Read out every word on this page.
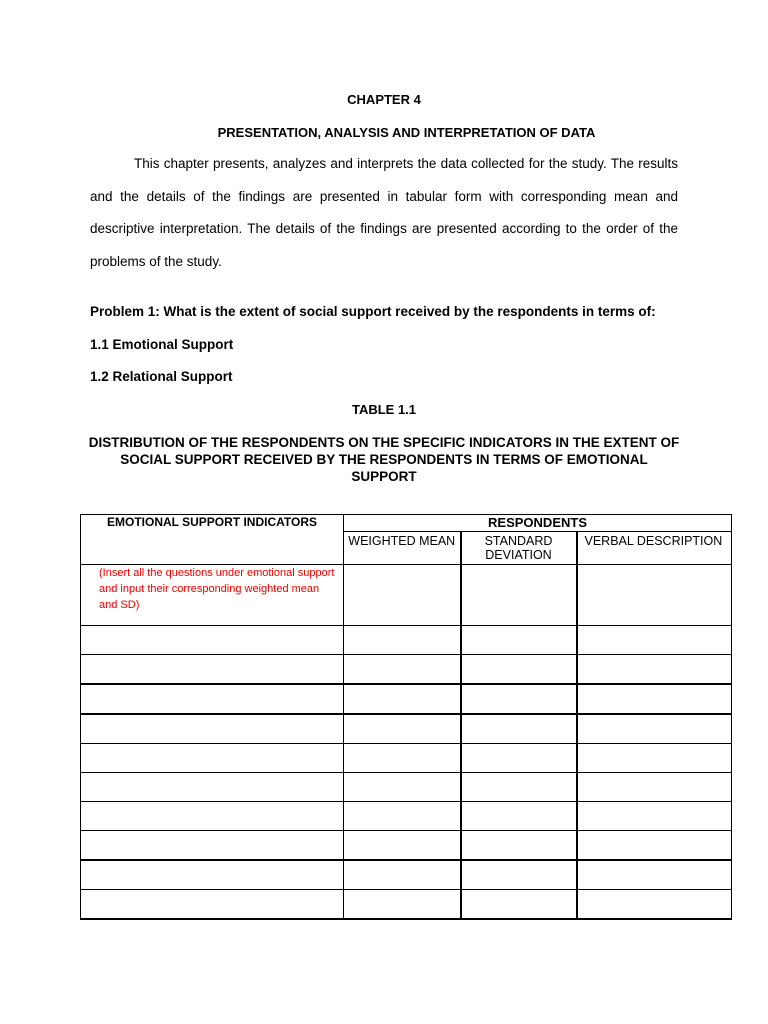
CHAPTER 4
PRESENTATION, ANALYSIS AND INTERPRETATION OF DATA

This chapter presents, analyzes and interprets the data collected for the study. The results and the details of the findings are presented in tabular form with corresponding mean and descriptive interpretation. The details of the findings are presented according to the order of the problems of the study.

Problem 1: What is the extent of social support received by the respondents in terms of:
1.1 Emotional Support
1.2 Relational Support
TABLE 1.1

DISTRIBUTION OF THE RESPONDENTS ON THE SPECIFIC INDICATORS IN THE EXTENT OF SOCIAL SUPPORT RECEIVED BY THE RESPONDENTS IN TERMS OF EMOTIONAL SUPPORT

EMOTIONAL SUPPORT INDICATORS	RESPONDENTS		
	WEIGHTED MEAN	STANDARD DEVIATION	VERBAL DESCRIPTION

(Insert all the questions under emotional support and input their corresponding weighted mean and SD)			
